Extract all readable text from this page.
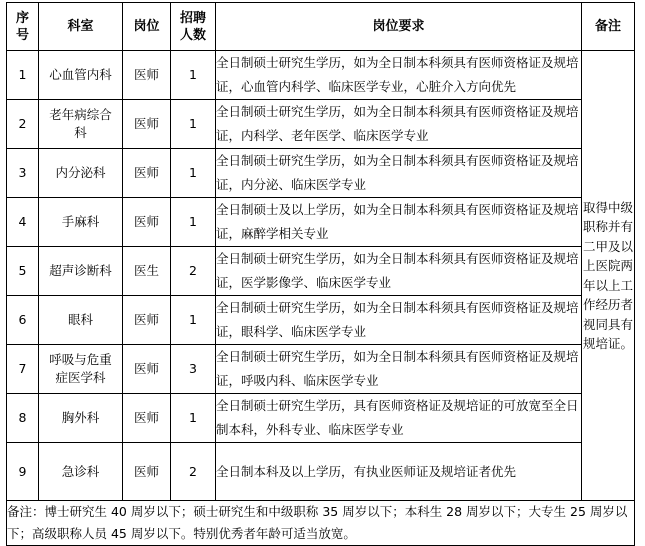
序号	科室	岗位	招聘人数	岗位要求	备注
1	心血管内科	医师	1	全日制硕士研究生学历，如为全日制本科须具有医师资格证及规培证，心血管内科学、临床医学专业，心脏介入方向优先	取得中级职称并有二甲及以上医院两年以上工作经历者视同具有规培证。
2	老年病综合科	医师	1	全日制硕士研究生学历，如为全日制本科须具有医师资格证及规培证，内科学、老年医学、临床医学专业	
3	内分泌科	医师	1	全日制硕士研究生学历，如为全日制本科须具有医师资格证及规培证，内分泌、临床医学专业	
4	手麻科	医师	1	全日制硕士及以上学历，如为全日制本科须具有医师资格证及规培证，麻醉学相关专业	
5	超声诊断科	医生	2	全日制硕士研究生学历，如为全日制本科须具有医师资格证及规培证，医学影像学、临床医学专业	
6	眼科	医师	1	全日制硕士研究生学历，如为全日制本科须具有医师资格证及规培证，眼科学、临床医学专业	
7	呼吸与危重症医学科	医师	3	全日制硕士研究生学历，如为全日制本科须具有医师资格证及规培证，呼吸内科、临床医学专业	
8	胸外科	医师	1	全日制硕士研究生学历，具有医师资格证及规培证的可放宽至全日制本科，外科专业、临床医学专业	
9	急诊科	医师	2	全日制本科及以上学历，有执业医师证及规培证者优先	
备注：博士研究生 40 周岁以下；硕士研究生和中级职称 35 周岁以下；本科生 28 周岁以下；大专生 25 周岁以下；高级职称人员 45 周岁以下。特别优秀者年龄可适当放宽。					
